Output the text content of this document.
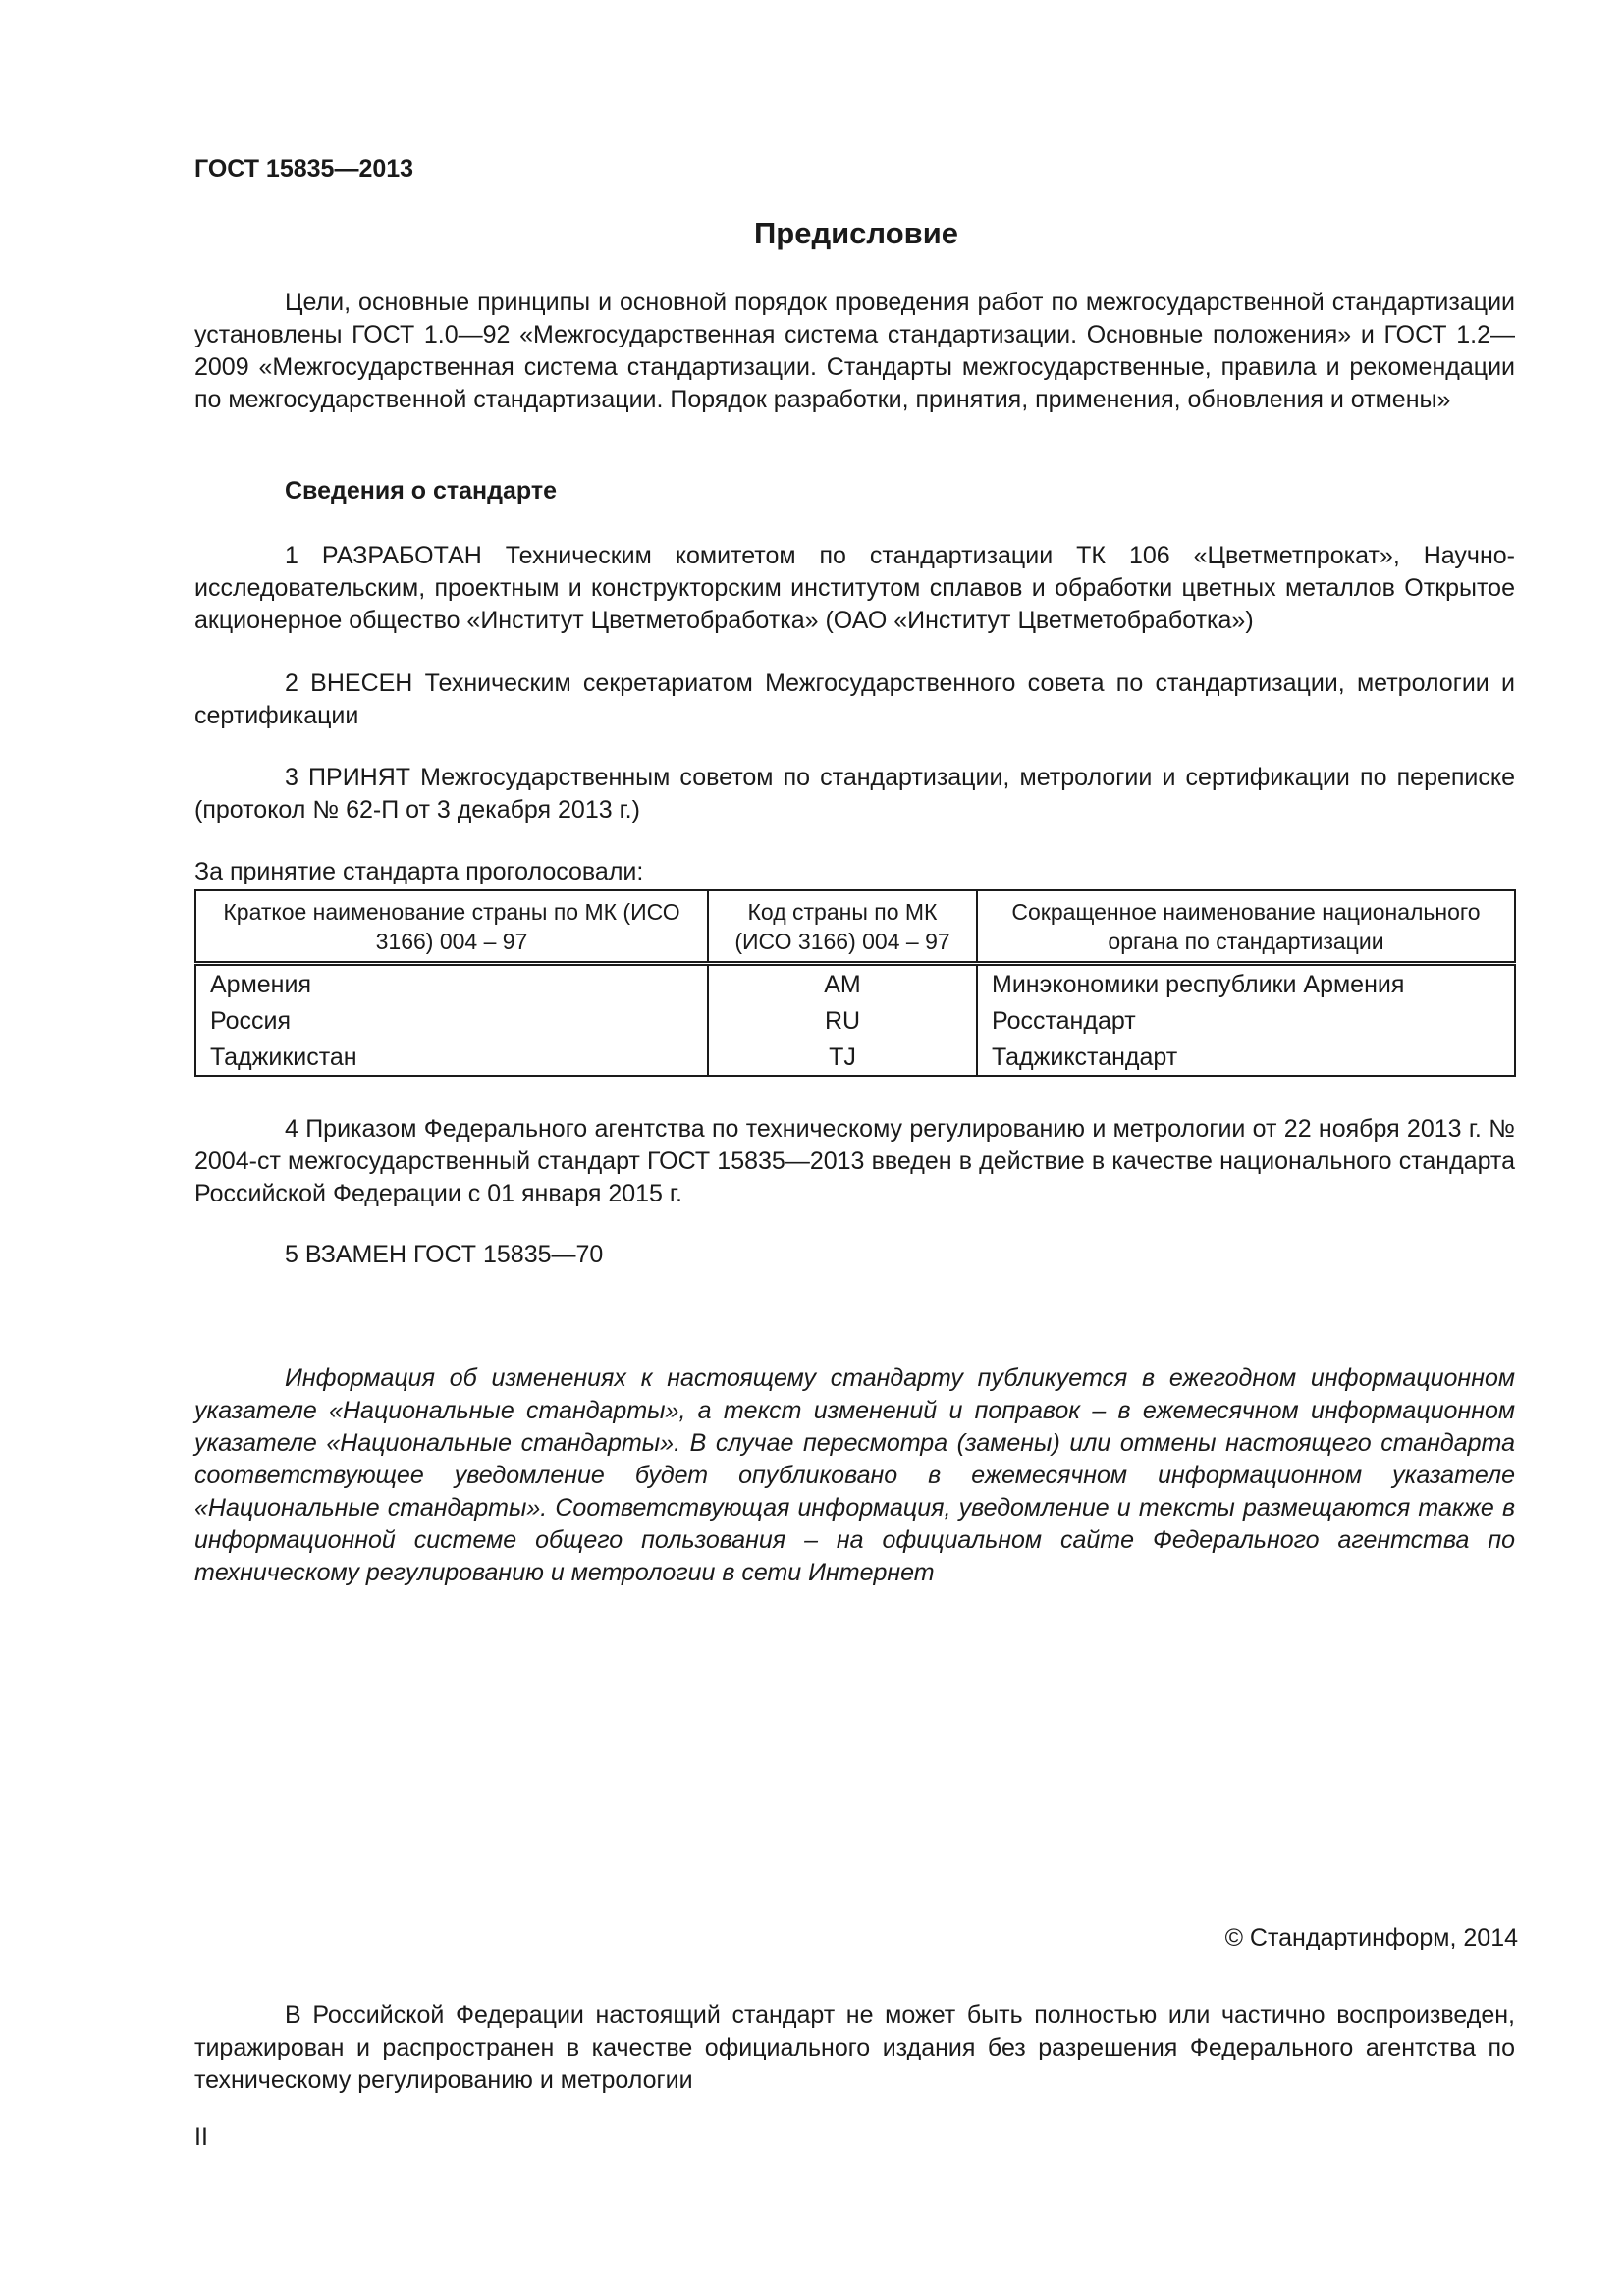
ГОСТ 15835—2013

Предисловие

Цели, основные принципы и основной порядок проведения работ по межгосударственной стандартизации установлены ГОСТ 1.0—92 «Межгосударственная система стандартизации. Основные положения» и ГОСТ 1.2—2009 «Межгосударственная система стандартизации. Стандарты межгосударственные, правила и рекомендации по межгосударственной стандартизации. Порядок разработки, принятия, применения, обновления и отмены»

Сведения о стандарте

1 РАЗРАБОТАН Техническим комитетом по стандартизации ТК 106 «Цветметпрокат», Научно-исследовательским, проектным и конструкторским институтом сплавов и обработки цветных металлов Открытое акционерное общество «Институт Цветметобработка» (ОАО «Институт Цветметобработка»)

2 ВНЕСЕН Техническим секретариатом Межгосударственного совета по стандартизации, метрологии и сертификации

3 ПРИНЯТ Межгосударственным советом по стандартизации, метрологии и сертификации по переписке (протокол № 62-П от 3 декабря 2013 г.)

За принятие стандарта проголосовали:

Краткое наименование страны по МК (ИСО 3166) 004 – 97	Код страны по МК (ИСО 3166) 004 – 97	Сокращенное наименование национального органа по стандартизации
Армения	AM	Минэкономики республики Армения
Россия	RU	Росстандарт
Таджикистан	TJ	Таджикстандарт

4 Приказом Федерального агентства по техническому регулированию и метрологии от 22 ноября 2013 г. № 2004-ст межгосударственный стандарт ГОСТ 15835—2013 введен в действие в качестве национального стандарта Российской Федерации с 01 января 2015 г.

5 ВЗАМЕН ГОСТ 15835—70

Информация об изменениях к настоящему стандарту публикуется в ежегодном информационном указателе «Национальные стандарты», а текст изменений и поправок – в ежемесячном информационном указателе «Национальные стандарты». В случае пересмотра (замены) или отмены настоящего стандарта соответствующее уведомление будет опубликовано в ежемесячном информационном указателе «Национальные стандарты». Соответствующая информация, уведомление и тексты размещаются также в информационной системе общего пользования – на официальном сайте Федерального агентства по техническому регулированию и метрологии в сети Интернет

© Стандартинформ, 2014

В Российской Федерации настоящий стандарт не может быть полностью или частично воспроизведен, тиражирован и распространен в качестве официального издания без разрешения Федерального агентства по техническому регулированию и метрологии

II
